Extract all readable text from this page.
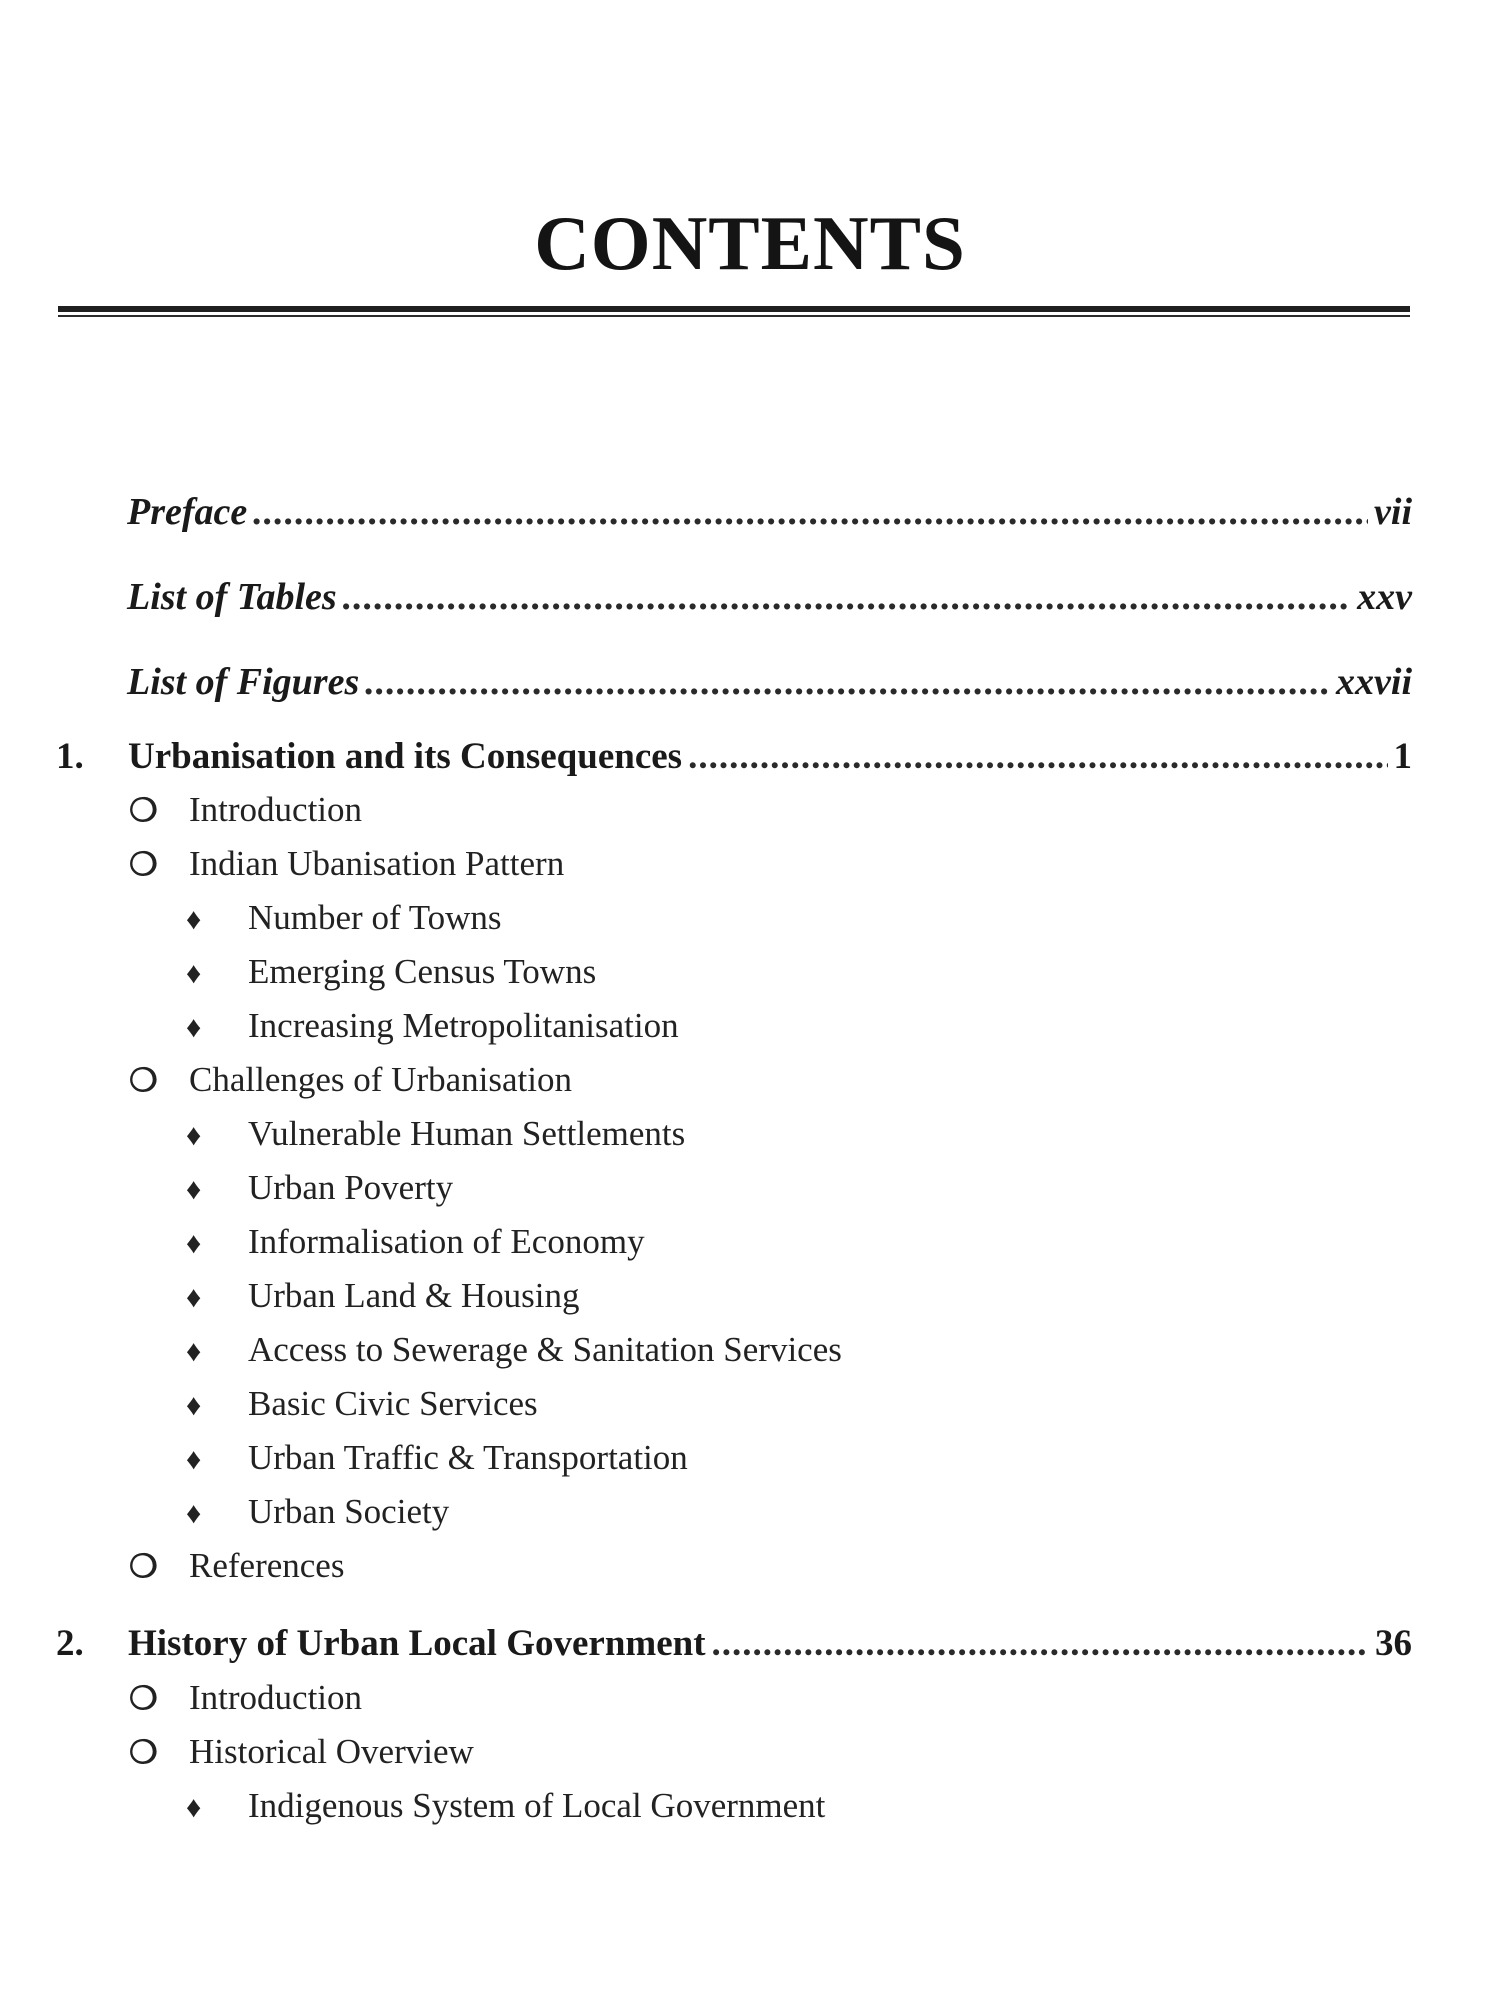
CONTENTS
Preface .....	vii
List of Tables .....	xxv
List of Figures .....	xxvii
1.	Urbanisation and its Consequences .....	1
❍ Introduction
❍ Indian Ubanisation Pattern
♦	Number of Towns
♦	Emerging Census Towns
♦	Increasing Metropolitanisation
❍ Challenges of Urbanisation
♦	Vulnerable Human Settlements
♦	Urban Poverty
♦	Informalisation of Economy
♦	Urban Land & Housing
♦	Access to Sewerage & Sanitation Services
♦	Basic Civic Services
♦	Urban Traffic & Transportation
♦	Urban Society
❍ References
2.	History of Urban Local Government .....	36
❍ Introduction
❍ Historical Overview
♦	Indigenous System of Local Government
